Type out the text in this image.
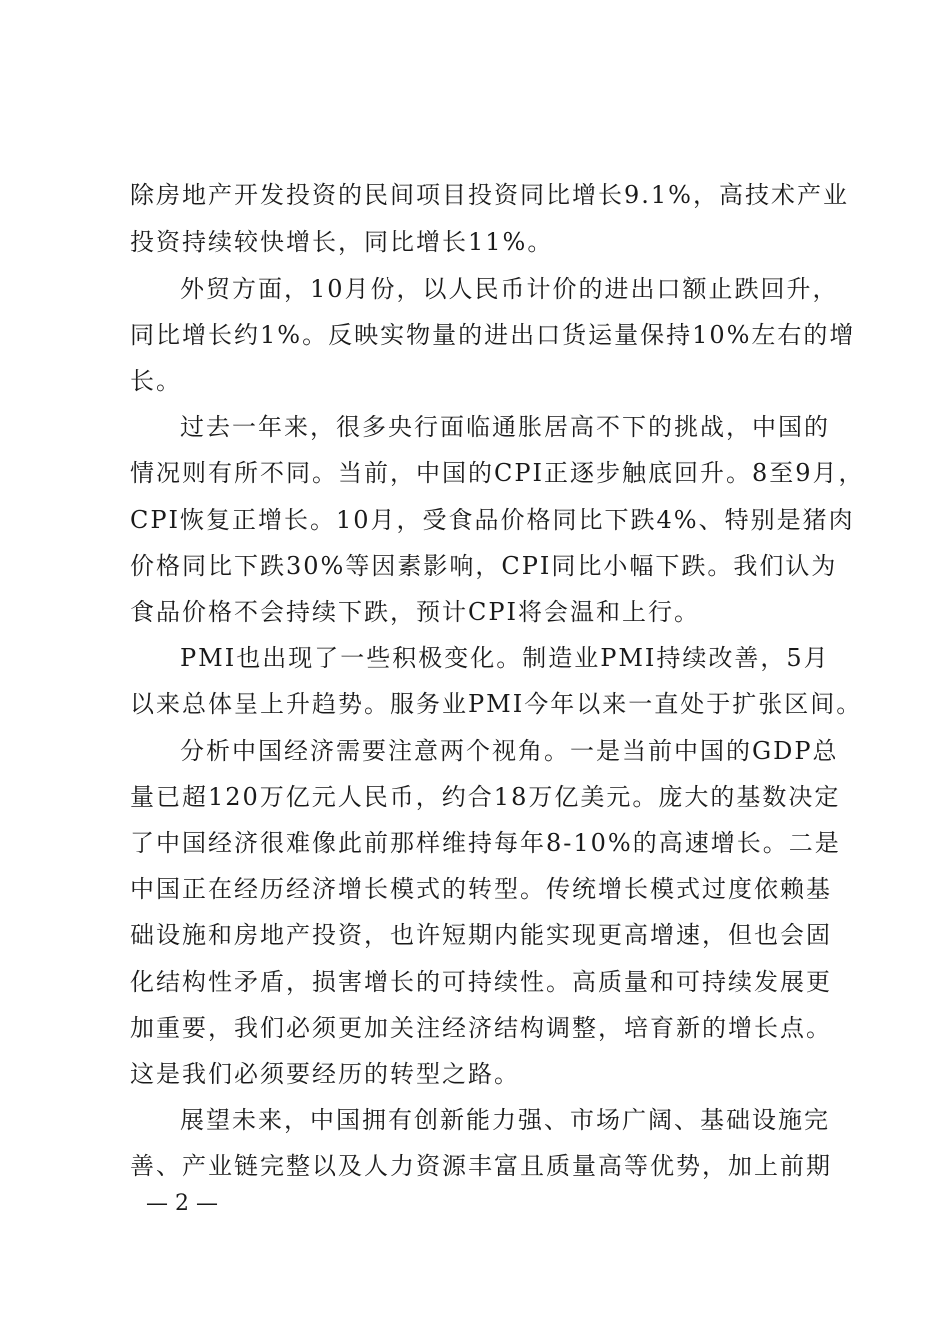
除房地产开发投资的民间项目投资同比增长9.1%，高技术产业
投资持续较快增长，同比增长11%。
外贸方面，10月份，以人民币计价的进出口额止跌回升，
同比增长约1%。反映实物量的进出口货运量保持10%左右的增
长。
过去一年来，很多央行面临通胀居高不下的挑战，中国的
情况则有所不同。当前，中国的CPI正逐步触底回升。8至9月，
CPI恢复正增长。10月，受食品价格同比下跌4%、特别是猪肉
价格同比下跌30%等因素影响，CPI同比小幅下跌。我们认为
食品价格不会持续下跌，预计CPI将会温和上行。
PMI也出现了一些积极变化。制造业PMI持续改善，5月
以来总体呈上升趋势。服务业PMI今年以来一直处于扩张区间。
分析中国经济需要注意两个视角。一是当前中国的GDP总
量已超120万亿元人民币，约合18万亿美元。庞大的基数决定
了中国经济很难像此前那样维持每年8-10%的高速增长。二是
中国正在经历经济增长模式的转型。传统增长模式过度依赖基
础设施和房地产投资，也许短期内能实现更高增速，但也会固
化结构性矛盾，损害增长的可持续性。高质量和可持续发展更
加重要，我们必须更加关注经济结构调整，培育新的增长点。
这是我们必须要经历的转型之路。
展望未来，中国拥有创新能力强、市场广阔、基础设施完
善、产业链完整以及人力资源丰富且质量高等优势，加上前期
— 2 —
